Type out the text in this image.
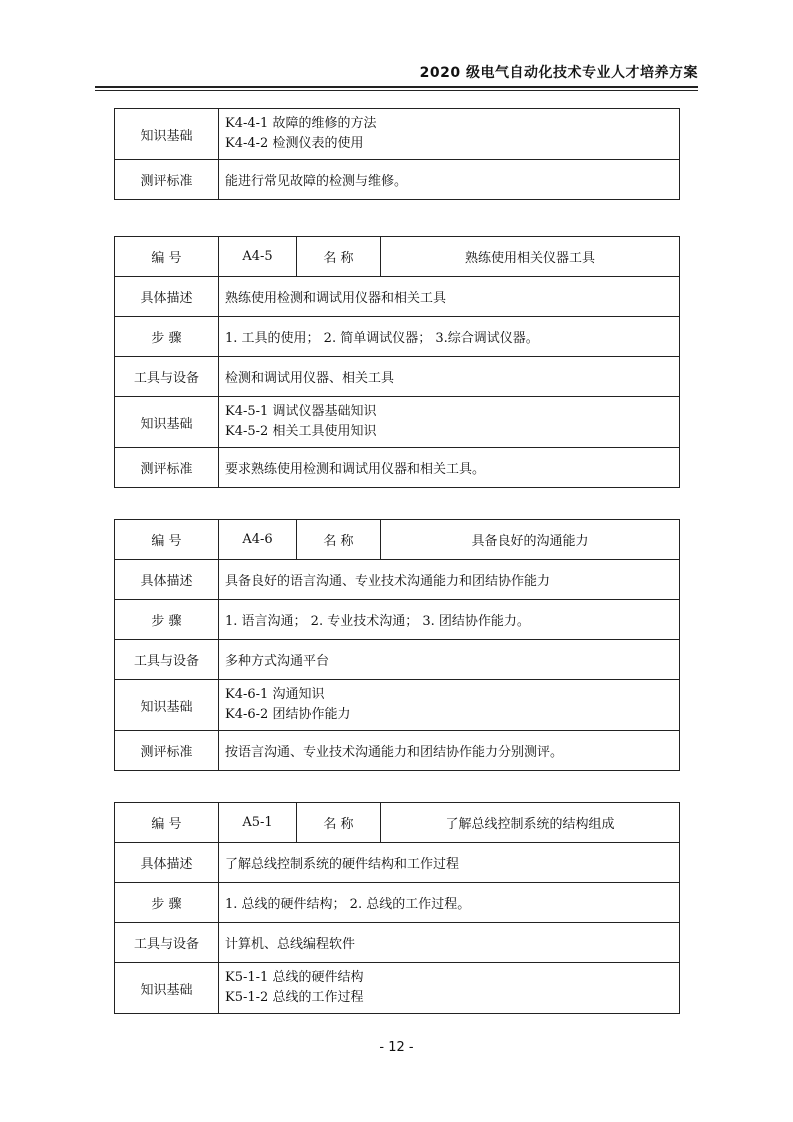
2020 级电气自动化技术专业人才培养方案
知识基础	K4-4-1 故障的维修的方法
K4-4-2 检测仪表的使用

测评标准	能进行常见故障的检测与维修。
编 号	A4-5	名 称	熟练使用相关仪器工具
具体描述	熟练使用检测和调试用仪器和相关工具		
步 骤	1. 工具的使用； 2. 简单调试仪器； 3.综合调试仪器。		
工具与设备	检测和调试用仪器、相关工具		
知识基础	K4-5-1 调试仪器基础知识
K4-5-2 相关工具使用知识		

测评标准	要求熟练使用检测和调试用仪器和相关工具。		
编 号	A4-6	名 称	具备良好的沟通能力
具体描述	具备良好的语言沟通、专业技术沟通能力和团结协作能力		
步 骤	1. 语言沟通； 2. 专业技术沟通； 3. 团结协作能力。		
工具与设备	多种方式沟通平台		
知识基础	K4-6-1 沟通知识
K4-6-2 团结协作能力		

测评标准	按语言沟通、专业技术沟通能力和团结协作能力分别测评。		
编 号	A5-1	名 称	了解总线控制系统的结构组成
具体描述	了解总线控制系统的硬件结构和工作过程		
步 骤	1. 总线的硬件结构； 2. 总线的工作过程。		
工具与设备	计算机、总线编程软件		
知识基础	K5-1-1 总线的硬件结构
K5-1-2 总线的工作过程		
- 12 -
